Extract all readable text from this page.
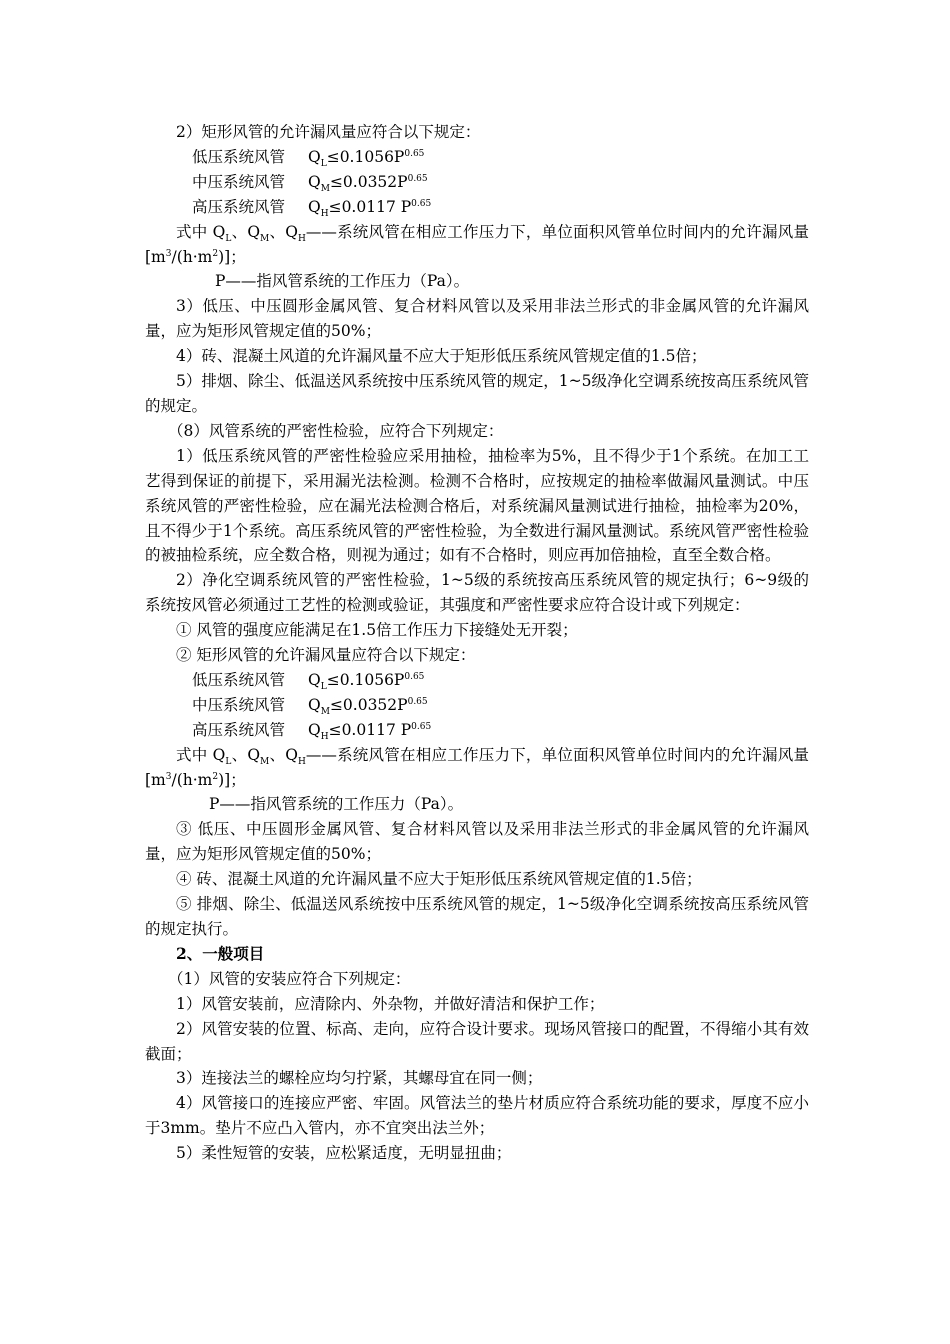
2）矩形风管的允许漏风量应符合以下规定：

低压系统风管 $Q_L\le 0.1056P^{0.65}$

中压系统风管 $Q_M\le 0.0352P^{0.65}$

高压系统风管 $Q_H\le 0.0117$ $P^{0.65}$

式中 $Q_L$、$Q_M$、$Q_H——$系统风管在相应工作压力下，单位面积风管单位时间内的允许漏风量$[m^3/(h\cdot m^2)]$；

P——指风管系统的工作压力（Pa）。

3）低压、中压圆形金属风管、复合材料风管以及采用非法兰形式的非金属风管的允许漏风量，应为矩形风管规定值的50%；

4）砖、混凝土风道的允许漏风量不应大于矩形低压系统风管规定值的1.5倍；

5）排烟、除尘、低温送风系统按中压系统风管的规定，1~5级净化空调系统按高压系统风管的规定。

（8）风管系统的严密性检验，应符合下列规定：

1）低压系统风管的严密性检验应采用抽检，抽检率为5%，且不得少于1个系统。在加工工艺得到保证的前提下，采用漏光法检测。检测不合格时，应按规定的抽检率做漏风量测试。中压系统风管的严密性检验，应在漏光法检测合格后，对系统漏风量测试进行抽检，抽检率为20%，且不得少于1个系统。高压系统风管的严密性检验，为全数进行漏风量测试。系统风管严密性检验的被抽检系统，应全数合格，则视为通过；如有不合格时，则应再加倍抽检，直至全数合格。

2）净化空调系统风管的严密性检验，1~5级的系统按高压系统风管的规定执行；6~9级的系统按风管必须通过工艺性的检测或验证，其强度和严密性要求应符合设计或下列规定：

① 风管的强度应能满足在1.5倍工作压力下接缝处无开裂；

② 矩形风管的允许漏风量应符合以下规定：

低压系统风管 $Q_L\le 0.1056P^{0.65}$

中压系统风管 $Q_M\le 0.0352P^{0.65}$

高压系统风管 $Q_H\le 0.0117$ $P^{0.65}$

式中 $Q_L$、$Q_M$、$Q_H——$系统风管在相应工作压力下，单位面积风管单位时间内的允许漏风量$[m^3/(h\cdot m^2)]$；

P——指风管系统的工作压力（Pa）。

③ 低压、中压圆形金属风管、复合材料风管以及采用非法兰形式的非金属风管的允许漏风量，应为矩形风管规定值的50%；

④ 砖、混凝土风道的允许漏风量不应大于矩形低压系统风管规定值的1.5倍；

⑤ 排烟、除尘、低温送风系统按中压系统风管的规定，1~5级净化空调系统按高压系统风管的规定执行。

2、一般项目

（1）风管的安装应符合下列规定：

1）风管安装前，应清除内、外杂物，并做好清洁和保护工作；

2）风管安装的位置、标高、走向，应符合设计要求。现场风管接口的配置，不得缩小其有效截面；

3）连接法兰的螺栓应均匀拧紧，其螺母宜在同一侧；

4）风管接口的连接应严密、牢固。风管法兰的垫片材质应符合系统功能的要求，厚度不应小于3mm。垫片不应凸入管内，亦不宜突出法兰外；

5）柔性短管的安装，应松紧适度，无明显扭曲；
